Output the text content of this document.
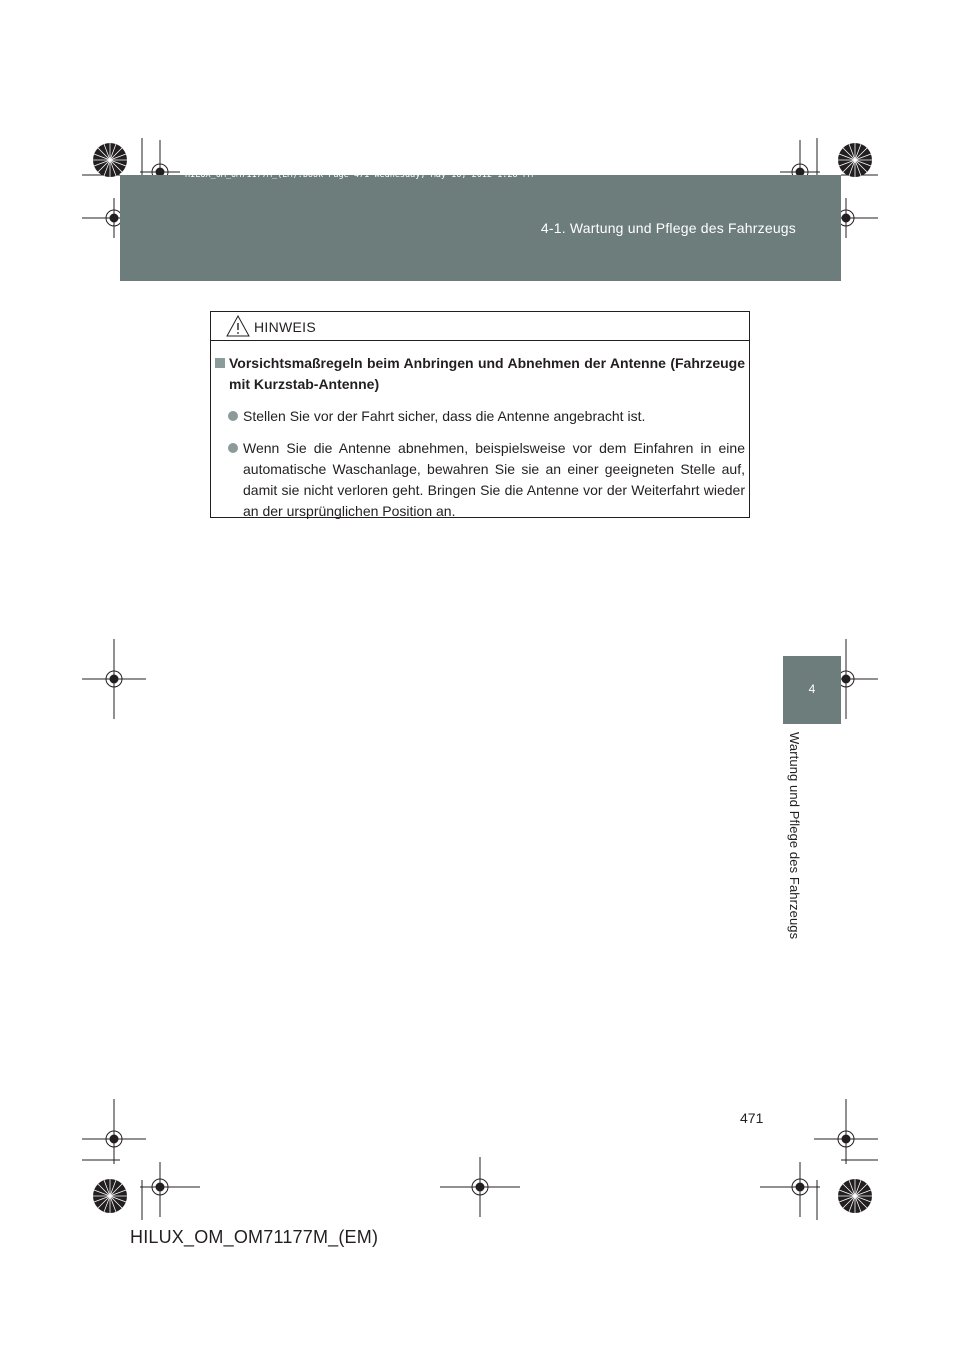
HILUX_OM_OM71177M_(EM).book Page 471 Wednesday, May 16, 2012 1:28 PM
4-1. Wartung und Pflege des Fahrzeugs
4
Wartung und Pflege des Fahrzeugs
HINWEIS
Vorsichtsmaßregeln beim Anbringen und Abnehmen der Antenne (Fahrzeuge mit Kurzstab-Antenne)
Stellen Sie vor der Fahrt sicher, dass die Antenne angebracht ist.
Wenn Sie die Antenne abnehmen, beispielsweise vor dem Einfahren in eine automatische Waschanlage, bewahren Sie sie an einer geeigneten Stelle auf, damit sie nicht verloren geht. Bringen Sie die Antenne vor der Weiterfahrt wieder an der ursprünglichen Position an.
471
HILUX_OM_OM71177M_(EM)
